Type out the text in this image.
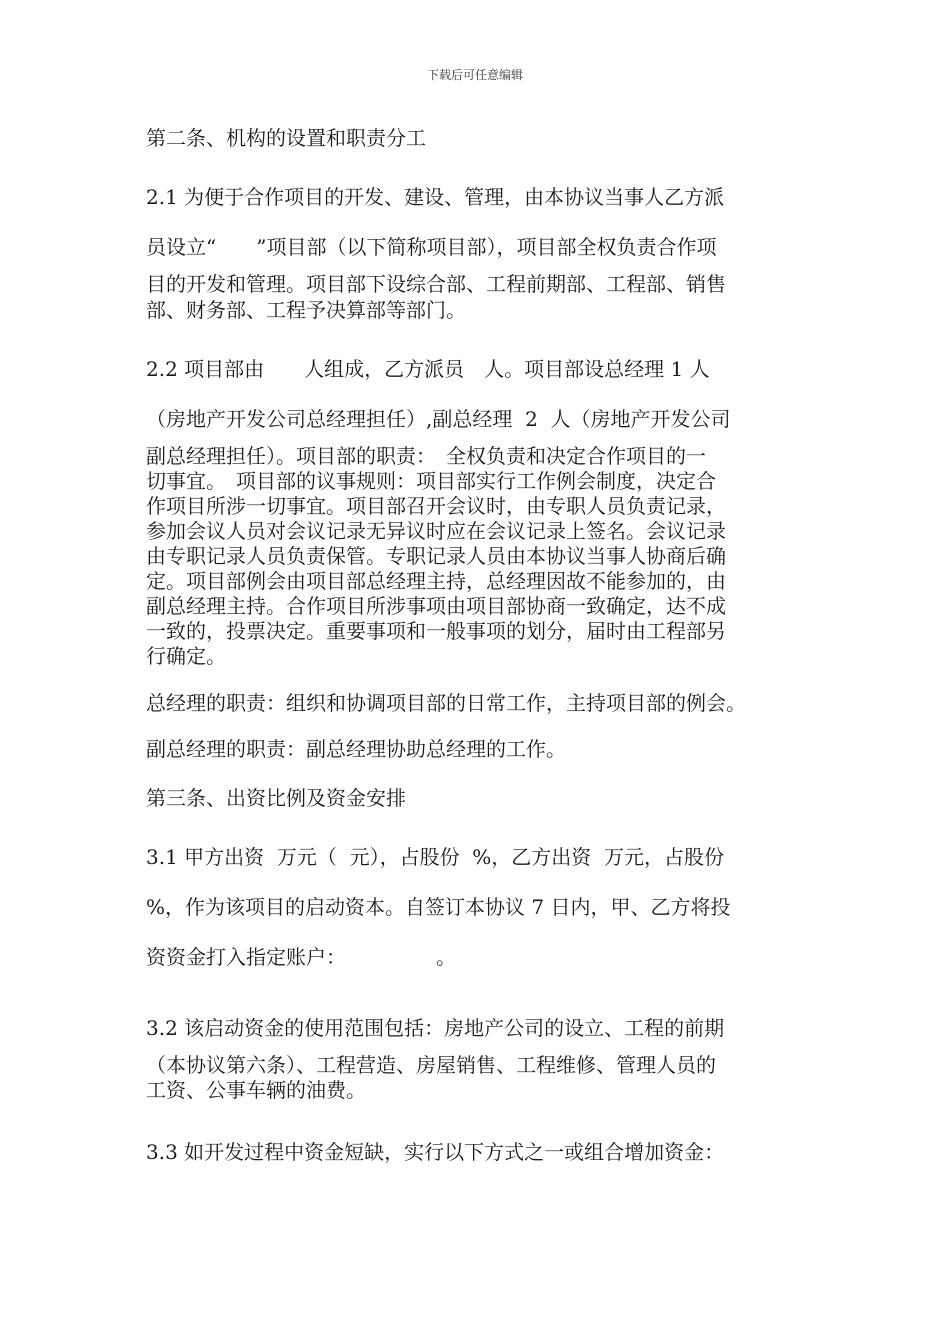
下载后可任意编辑
第二条、机构的设置和职责分工
2.1 为便于合作项目的开发、建设、管理，由本协议当事人乙方派
员设立“　　”项目部（以下简称项目部），项目部全权负责合作项
目的开发和管理。项目部下设综合部、工程前期部、工程部、销售
部、财务部、工程予决算部等部门。
2.2 项目部由　　人组成，乙方派员　人。项目部设总经理 1 人
（房地产开发公司总经理担任）,副总经理  2  人（房地产开发公司
副总经理担任）。项目部的职责：　全权负责和决定合作项目的一
切事宜。　项目部的议事规则：项目部实行工作例会制度，决定合
作项目所涉一切事宜。项目部召开会议时，由专职人员负责记录，
参加会议人员对会议记录无异议时应在会议记录上签名。会议记录
由专职记录人员负责保管。专职记录人员由本协议当事人协商后确
定。项目部例会由项目部总经理主持，总经理因故不能参加的，由
副总经理主持。合作项目所涉事项由项目部协商一致确定，达不成
一致的，投票决定。重要事项和一般事项的划分，届时由工程部另
行确定。
总经理的职责：组织和协调项目部的日常工作，主持项目部的例会。
副总经理的职责：副总经理协助总经理的工作。
第三条、出资比例及资金安排
3.1 甲方出资  万元（  元），占股份  %，乙方出资  万元，占股份
%，作为该项目的启动资本。自签订本协议 7 日内，甲、乙方将投
资资金打入指定账户：　　　　　。
3.2 该启动资金的使用范围包括：房地产公司的设立、工程的前期
（本协议第六条）、工程营造、房屋销售、工程维修、管理人员的
工资、公事车辆的油费。
3.3 如开发过程中资金短缺，实行以下方式之一或组合增加资金：
